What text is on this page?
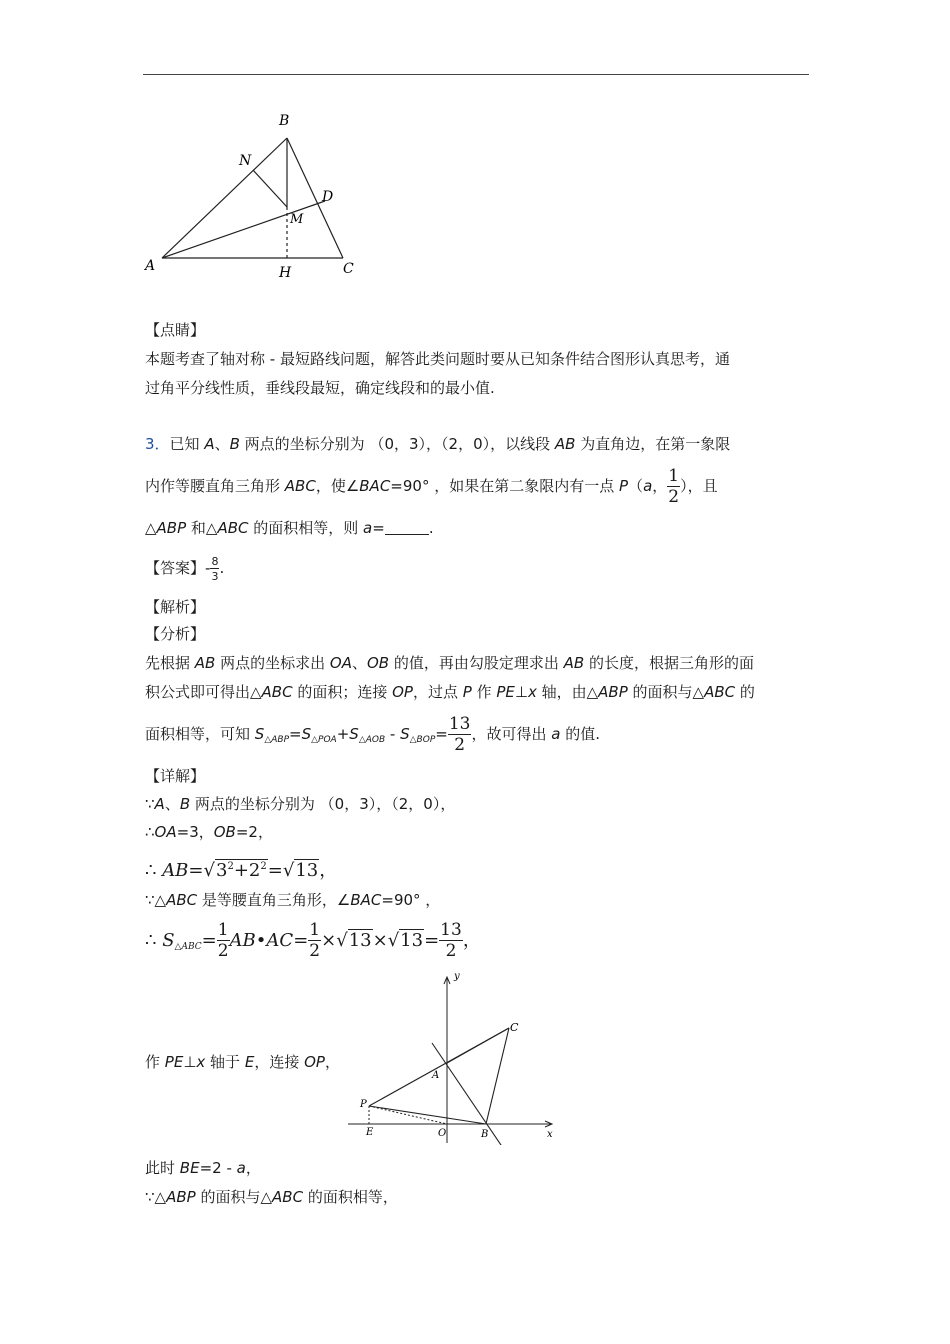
B
N
D
M
A	H	C
【点睛】
本题考查了轴对称 - 最短路线问题，解答此类问题时要从已知条件结合图形认真思考，通
过角平分线性质，垂线段最短，确定线段和的最小值.
3．已知 A、B 两点的坐标分别为 （0，3），（2，0），以线段 AB 为直角边，在第一象限
内作等腰直角三角形 ABC，使∠BAC=90° ，如果在第二象限内有一点 P（a， $\frac{1}{2}$ ），且
△ABP 和△ABC 的面积相等，则 a=	.
【答案】- $\frac{8}{3}$ .
【解析】
【分析】
先根据 AB 两点的坐标求出 OA、OB 的值，再由勾股定理求出 AB 的长度，根据三角形的面
积公式即可得出△ABC 的面积；连接 OP，过点 P 作 PE⊥x 轴，由△ABP 的面积与△ABC 的
面积相等，可知 $S_{\triangle ABP}=S_{\triangle POA}+S_{\triangle AOB} - S_{\triangle BOP}= \frac{13}{2}$ ，故可得出 a 的值.
【详解】
∵A、B 两点的坐标分别为 （0，3），（2，0），
∴OA=3，OB=2，
∴ $AB=√3^2+2^2=√13$，
∵△ABC 是等腰直角三角形，∠BAC=90° ，
∴ $S_{\triangle ABC}= \frac{1}{2}$ AB•AC= $\frac{1}{2} \times√13\times√13= \frac{13}{2}$ ，
作 PE⊥x 轴于 E，连接 OP，
y
C
A
P
E	O	B	x
此时 BE=2 - a，
∵△ABP 的面积与△ABC 的面积相等，
